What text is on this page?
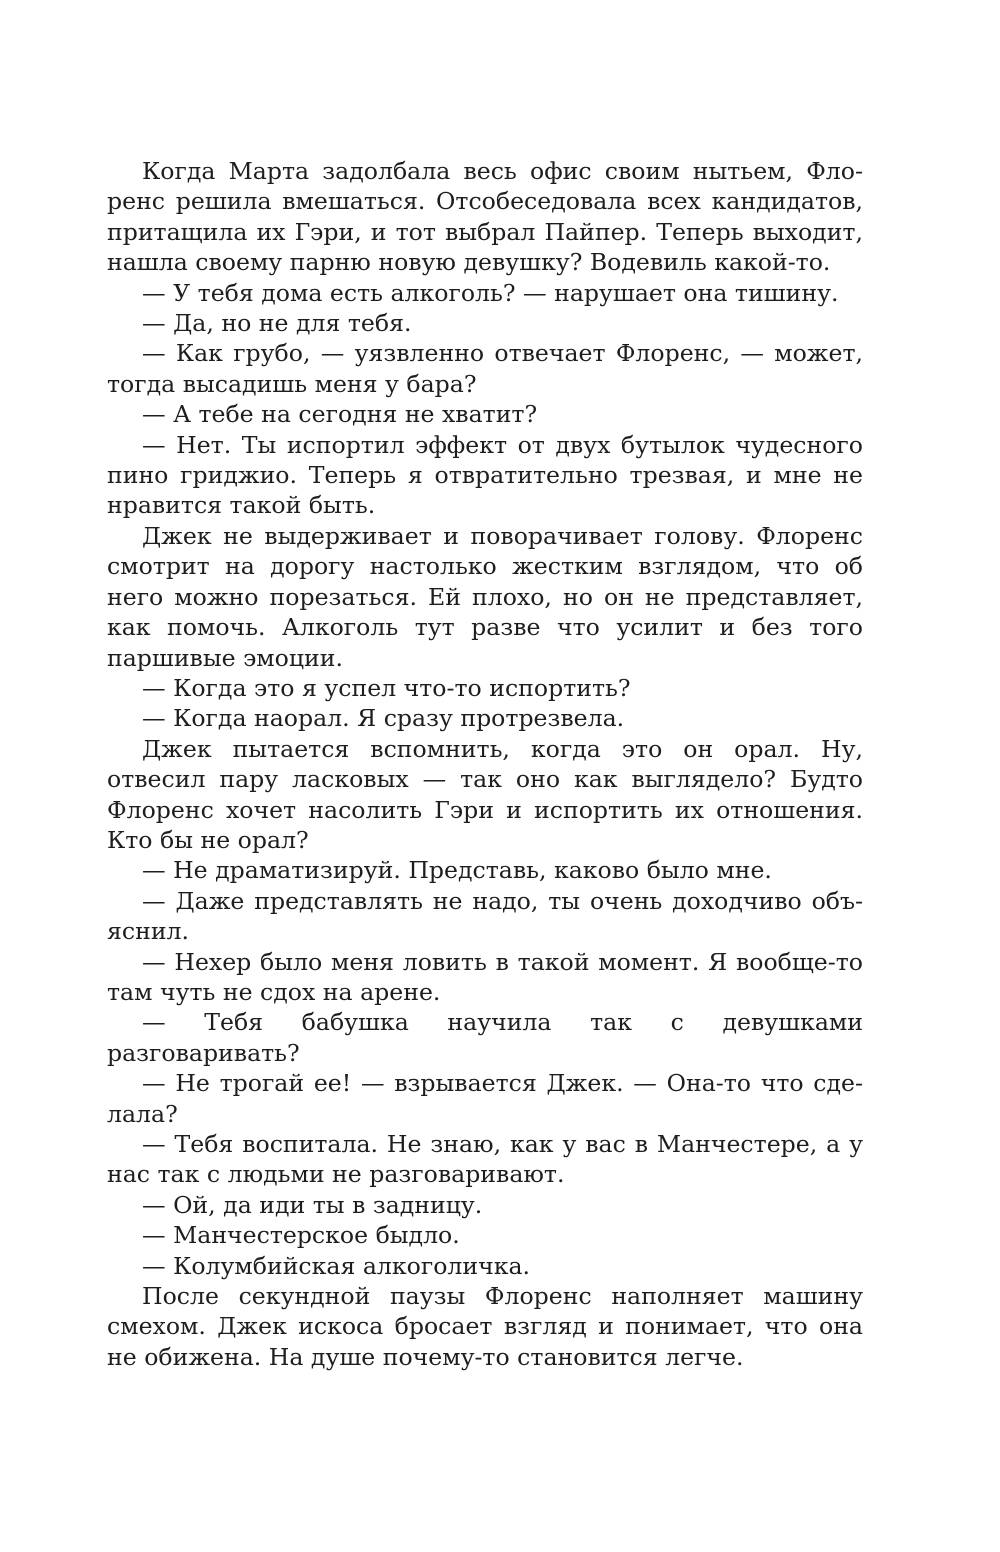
Когда Марта задолбала весь офис своим нытьем, Флоренс решила вмешаться. Отсобеседовала всех кандидатов, притащила их Гэри, и тот выбрал Пайпер. Теперь выходит, нашла своему парню новую девушку? Водевиль какой-то.

— У тебя дома есть алкоголь? — нарушает она тишину.

— Да, но не для тебя.

— Как грубо, — уязвленно отвечает Флоренс, — может, тогда высадишь меня у бара?

— А тебе на сегодня не хватит?

— Нет. Ты испортил эффект от двух бутылок чудесного пино гриджио. Теперь я отвратительно трезвая, и мне не нравится такой быть.

Джек не выдерживает и поворачивает голову. Флоренс смотрит на дорогу настолько жестким взглядом, что об него можно порезаться. Ей плохо, но он не представляет, как помочь. Алкоголь тут разве что усилит и без того паршивые эмоции.

— Когда это я успел что-то испортить?

— Когда наорал. Я сразу протрезвела.

Джек пытается вспомнить, когда это он орал. Ну, отвесил пару ласковых — так оно как выглядело? Будто Флоренс хочет насолить Гэри и испортить их отношения. Кто бы не орал?

— Не драматизируй. Представь, каково было мне.

— Даже представлять не надо, ты очень доходчиво объяснил.

— Нехер было меня ловить в такой момент. Я вообще-то там чуть не сдох на арене.

— Тебя бабушка научила так с девушками разговаривать?

— Не трогай ее! — взрывается Джек. — Она-то что сделала?

— Тебя воспитала. Не знаю, как у вас в Манчестере, а у нас так с людьми не разговаривают.

— Ой, да иди ты в задницу.

— Манчестерское быдло.

— Колумбийская алкоголичка.

После секундной паузы Флоренс наполняет машину смехом. Джек искоса бросает взгляд и понимает, что она не обижена. На душе почему-то становится легче.
